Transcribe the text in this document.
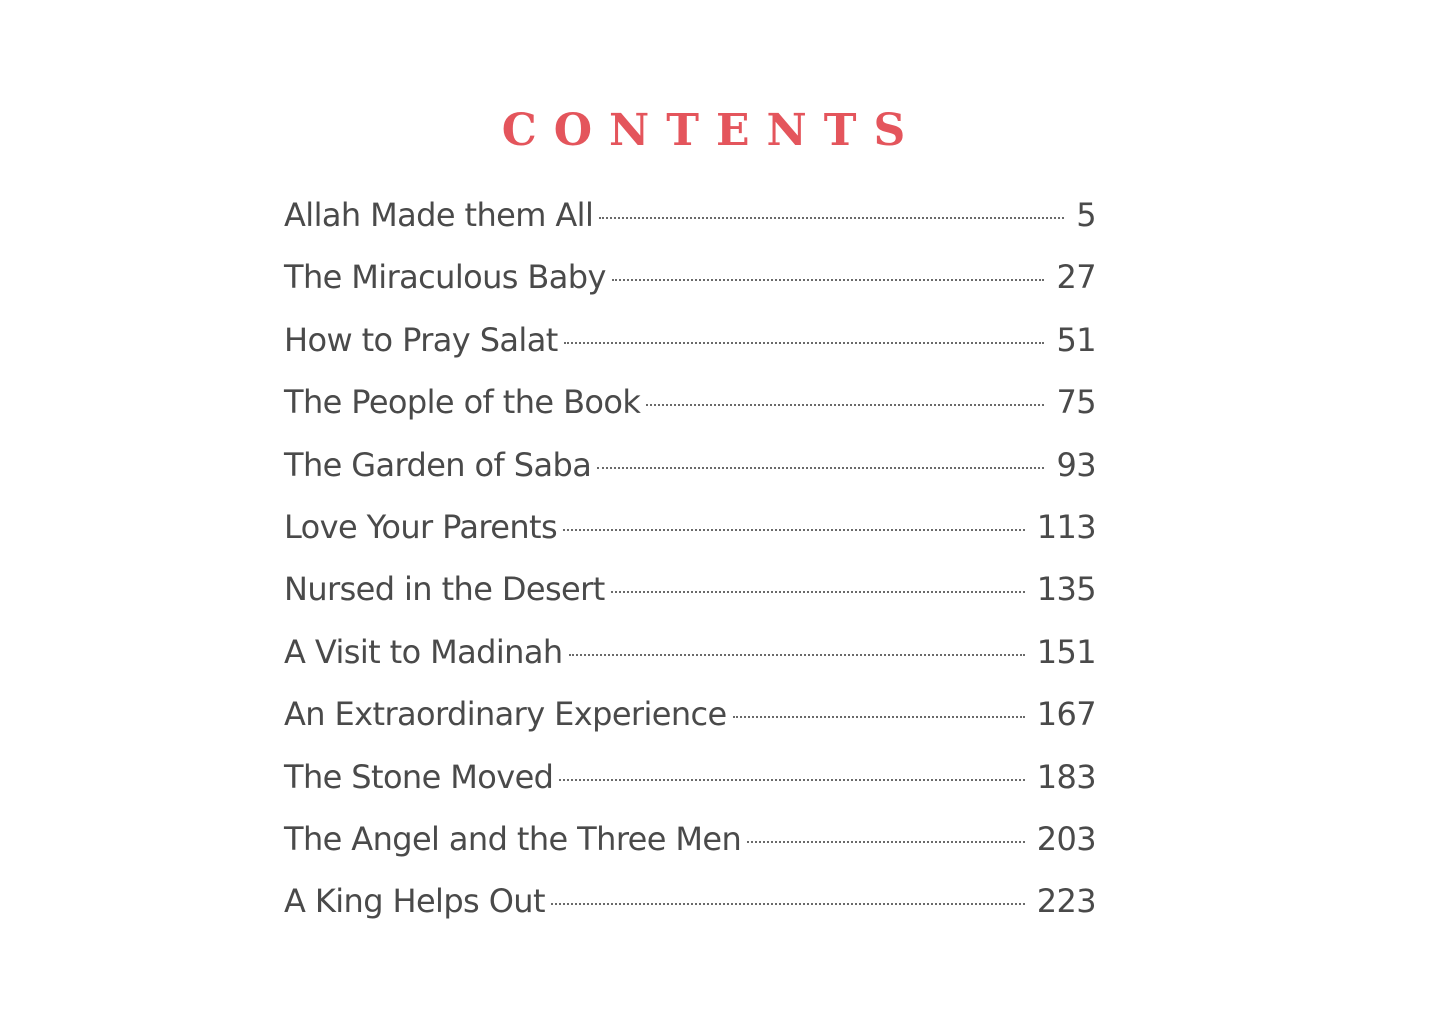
CONTENTS
Allah Made them All	5
The Miraculous Baby	27
How to Pray Salat	51
The People of the Book	75
The Garden of Saba	93
Love Your Parents	113
Nursed in the Desert	135
A Visit to Madinah	151
An Extraordinary Experience	167
The Stone Moved	183
The Angel and the Three Men	203
A King Helps Out	223
